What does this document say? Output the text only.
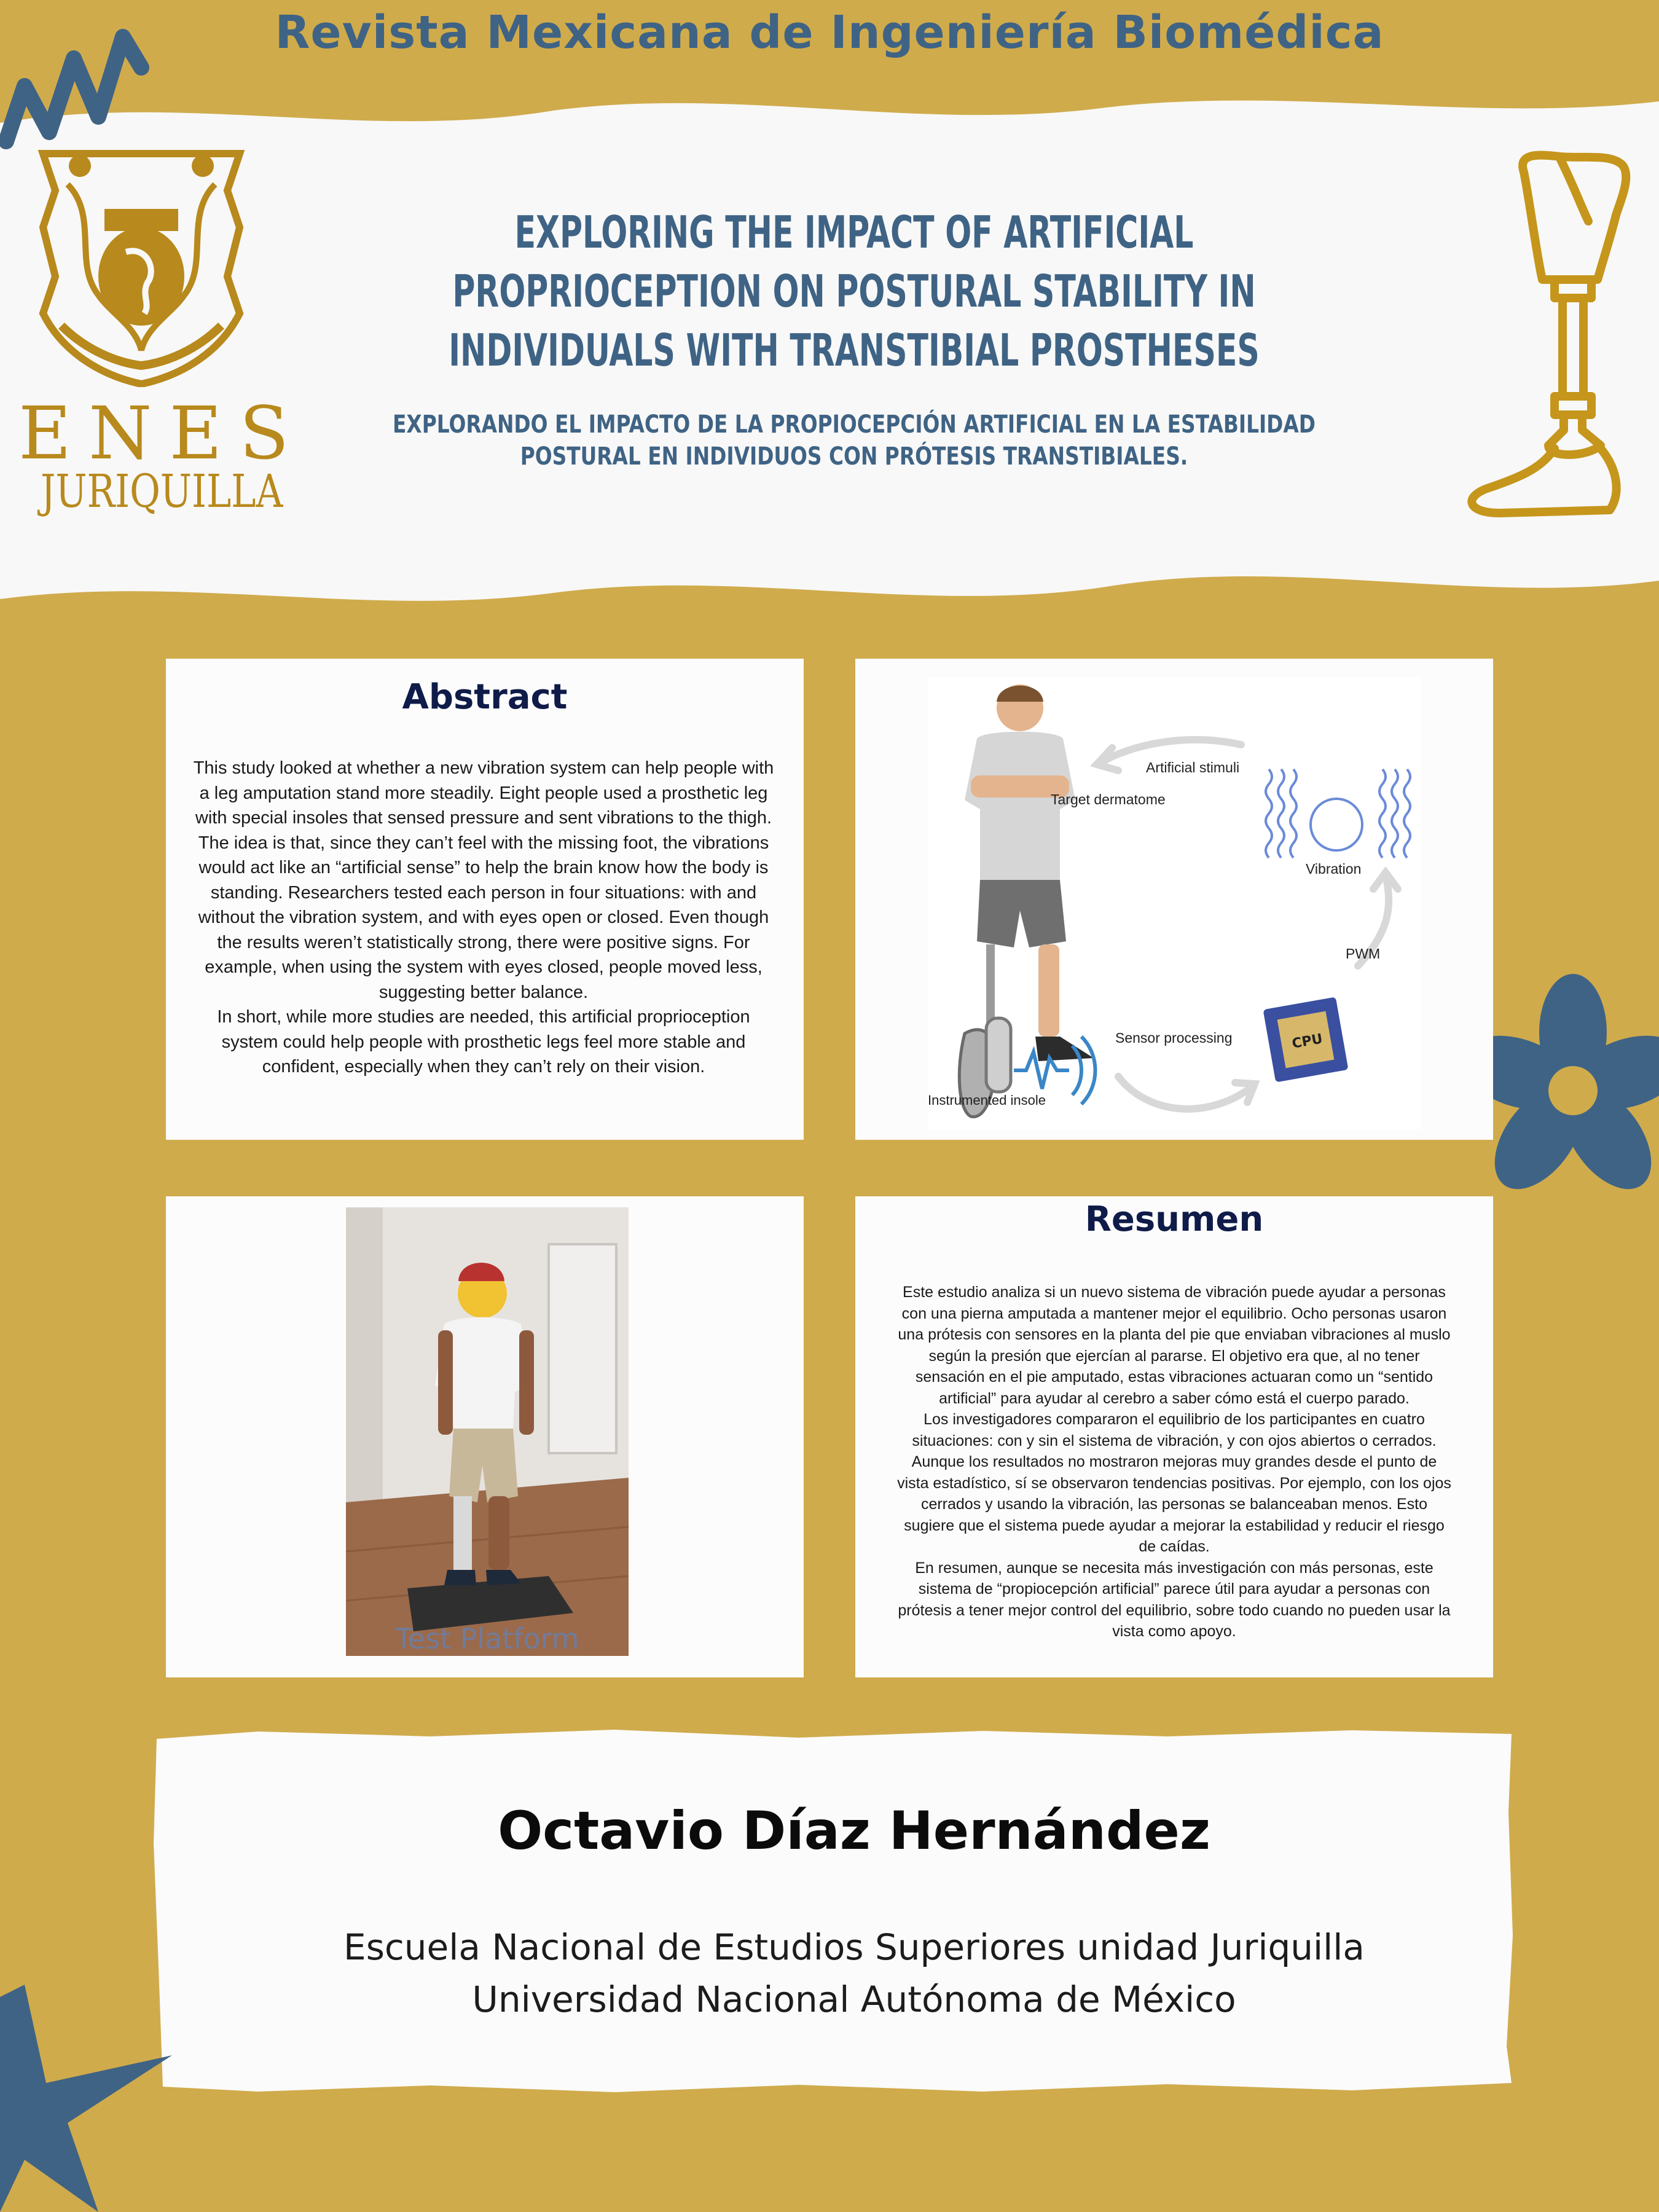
Revista Mexicana de Ingeniería Biomédica
ENES
JURIQUILLA
EXPLORING THE IMPACT OF ARTIFICIAL PROPRIOCEPTION ON POSTURAL STABILITY IN INDIVIDUALS WITH TRANSTIBIAL PROSTHESES
EXPLORANDO EL IMPACTO DE LA PROPIOCEPCIÓN ARTIFICIAL EN LA ESTABILIDAD POSTURAL EN INDIVIDUOS CON PRÓTESIS TRANSTIBIALES.
Abstract

This study looked at whether a new vibration system can help people with a leg amputation stand more steadily. Eight people used a prosthetic leg with special insoles that sensed pressure and sent vibrations to the thigh. The idea is that, since they can’t feel with the missing foot, the vibrations would act like an “artificial sense” to help the brain know how the body is standing. Researchers tested each person in four situations: with and without the vibration system, and with eyes open or closed. Even though the results weren’t statistically strong, there were positive signs. For example, when using the system with eyes closed, people moved less, suggesting better balance.

In short, while more studies are needed, this artificial proprioception system could help people with prosthetic legs feel more stable and confident, especially when they can’t rely on their vision.

Artificial stimuli
Target dermatome
Vibration
PWM
Sensor processing	CPU
Instrumented insole
Test Platform
Resumen

Este estudio analiza si un nuevo sistema de vibración puede ayudar a personas con una pierna amputada a mantener mejor el equilibrio. Ocho personas usaron una prótesis con sensores en la planta del pie que enviaban vibraciones al muslo según la presión que ejercían al pararse. El objetivo era que, al no tener sensación en el pie amputado, estas vibraciones actuaran como un “sentido artificial” para ayudar al cerebro a saber cómo está el cuerpo parado.

Los investigadores compararon el equilibrio de los participantes en cuatro situaciones: con y sin el sistema de vibración, y con ojos abiertos o cerrados. Aunque los resultados no mostraron mejoras muy grandes desde el punto de vista estadístico, sí se observaron tendencias positivas. Por ejemplo, con los ojos cerrados y usando la vibración, las personas se balanceaban menos. Esto sugiere que el sistema puede ayudar a mejorar la estabilidad y reducir el riesgo de caídas.

En resumen, aunque se necesita más investigación con más personas, este sistema de “propiocepción artificial” parece útil para ayudar a personas con prótesis a tener mejor control del equilibrio, sobre todo cuando no pueden usar la vista como apoyo.

Octavio Díaz Hernández
Escuela Nacional de Estudios Superiores unidad Juriquilla
Universidad Nacional Autónoma de México
